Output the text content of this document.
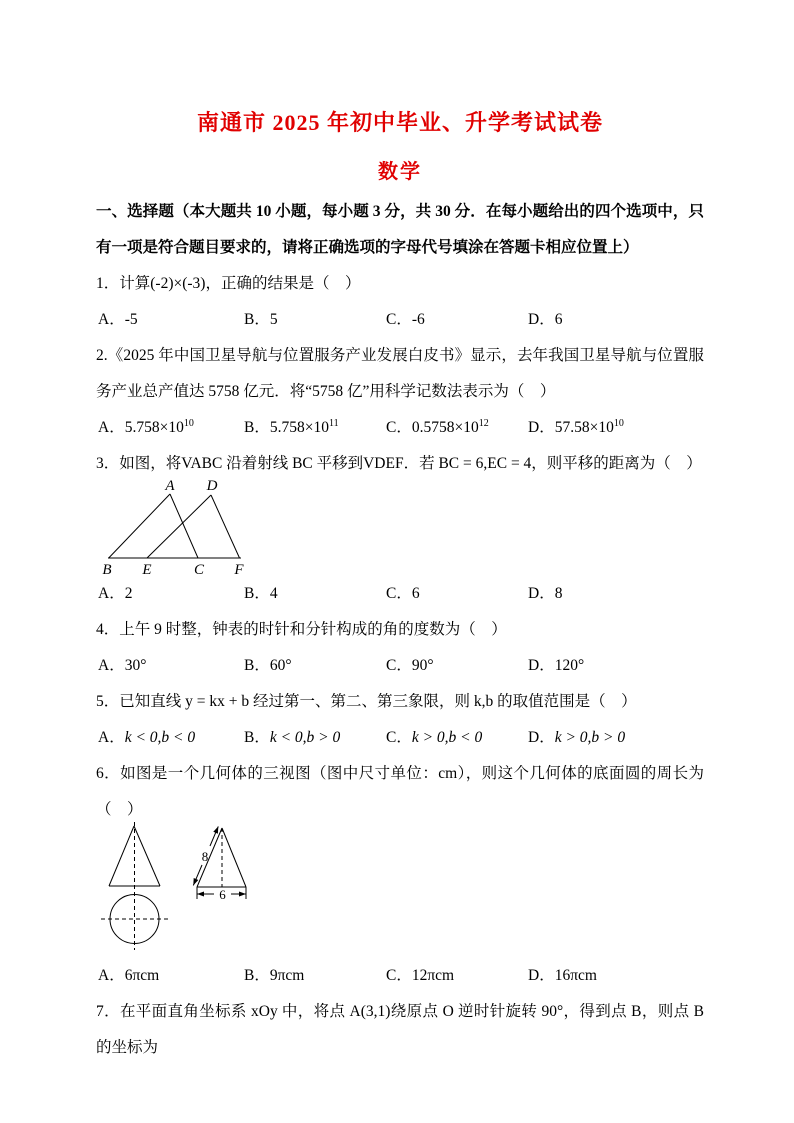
南通市 2025 年初中毕业、升学考试试卷
数学
一、选择题（本大题共 10 小题，每小题 3 分，共 30 分．在每小题给出的四个选项中，只有一项是符合题目要求的，请将正确选项的字母代号填涂在答题卡相应位置上）
1．计算(-2)×(-3)，正确的结果是（　）
A．-5	B．5	C．-6	D．6
2.《2025 年中国卫星导航与位置服务产业发展白皮书》显示，去年我国卫星导航与位置服务产业总产值达 5758 亿元．将“5758 亿”用科学记数法表示为（　）
A．$5.758\times 10^{10}$	B．$5.758\times 10^{11}$	C．$0.5758\times 10^{12}$	D．$57.58\times 10^{10}$
3．如图，将VABC 沿着射线 BC 平移到VDEF．若 BC = 6,EC = 4，则平移的距离为（　）
A D
B E	C F
A．2	B．4	C．6	D．8
4．上午 9 时整，钟表的时针和分针构成的角的度数为（　）
A．30°	B．60°	C．90°	D．120°
5．已知直线 y = kx + b 经过第一、第二、第三象限，则 k,b 的取值范围是（　）
A．k < 0,b < 0	B．k < 0,b > 0	C．k > 0,b < 0	D．k > 0,b > 0
6．如图是一个几何体的三视图（图中尺寸单位：cm），则这个几何体的底面圆的周长为（　）
8
6
A．6πcm	B．9πcm	C．12πcm	D．16πcm
7．在平面直角坐标系 xOy 中，将点 A(3,1)绕原点 O 逆时针旋转 90°，得到点 B，则点 B 的坐标为
